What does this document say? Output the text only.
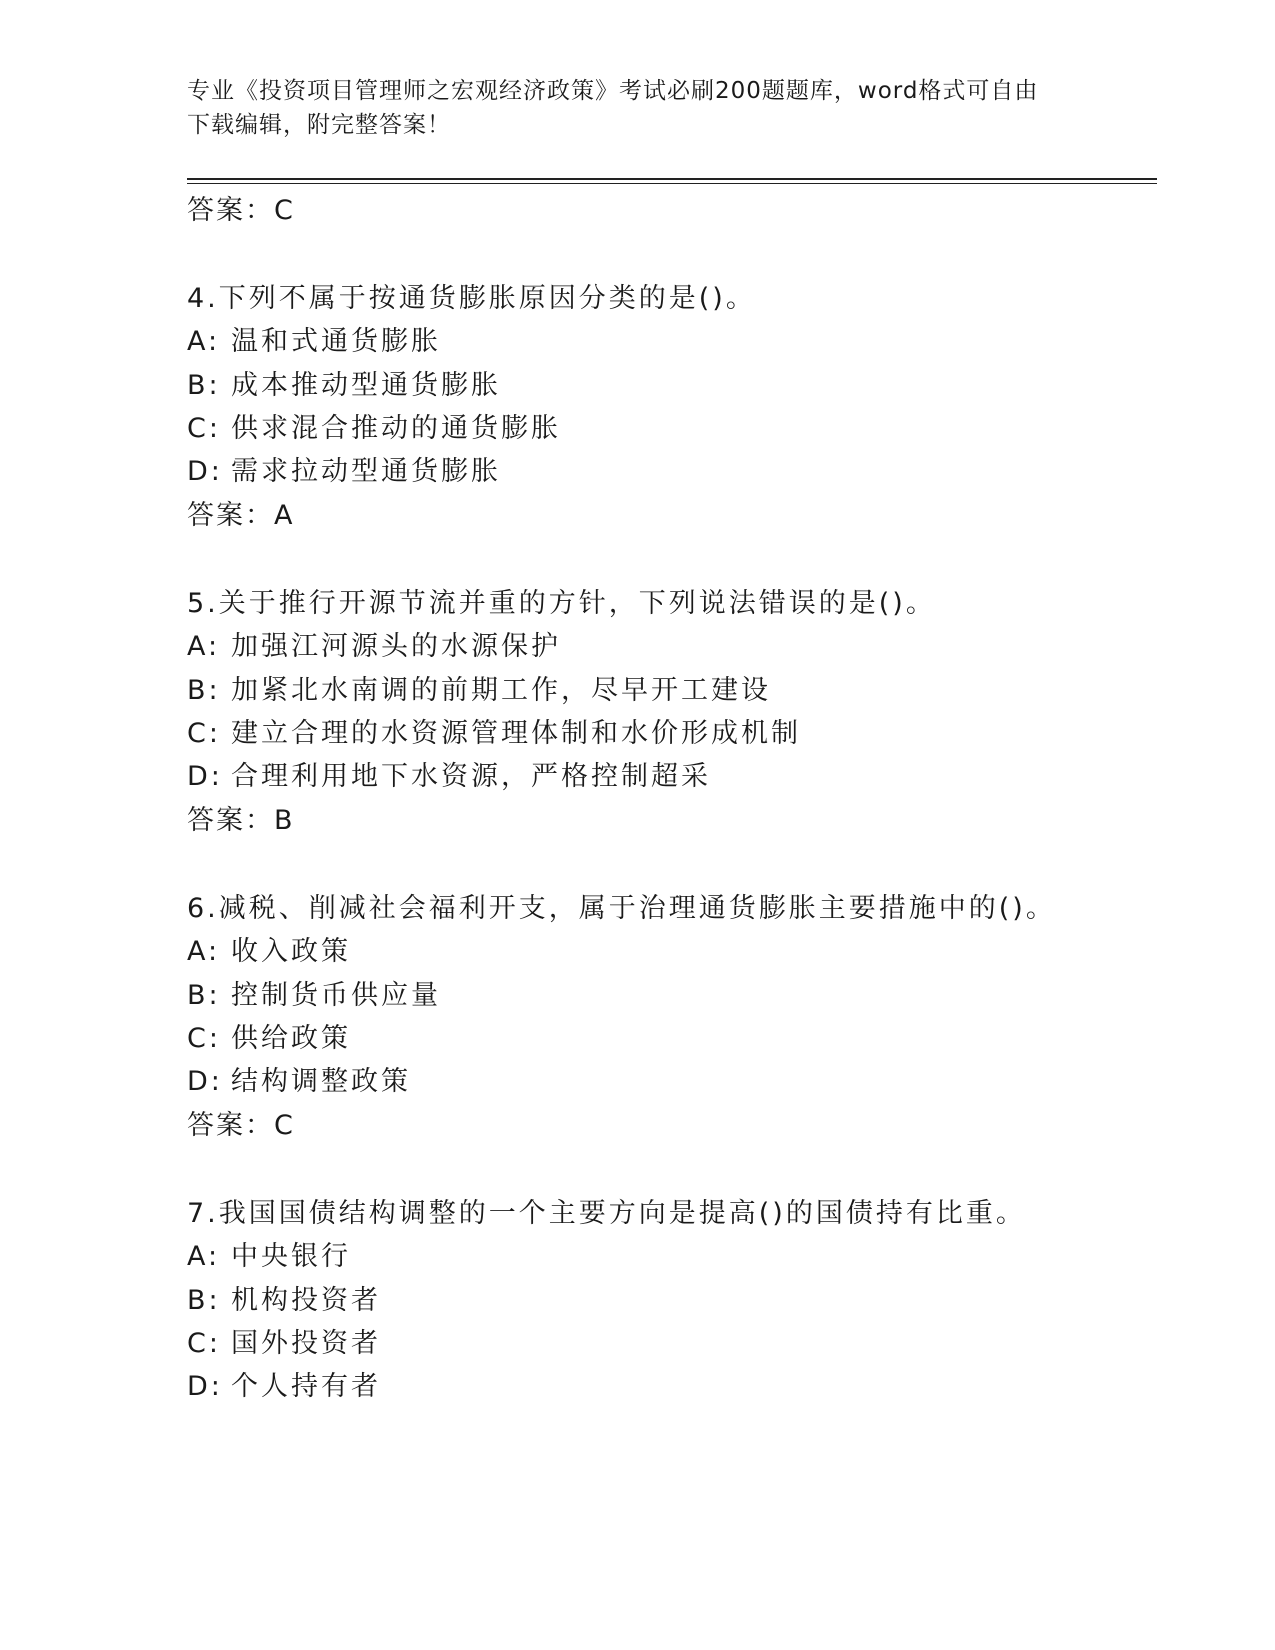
专业《投资项目管理师之宏观经济政策》考试必刷200题题库，word格式可自由
下载编辑，附完整答案！
答案：C
4.下列不属于按通货膨胀原因分类的是()。
A: 温和式通货膨胀
B: 成本推动型通货膨胀
C: 供求混合推动的通货膨胀
D: 需求拉动型通货膨胀
答案：A
5.关于推行开源节流并重的方针，下列说法错误的是()。
A: 加强江河源头的水源保护
B: 加紧北水南调的前期工作，尽早开工建设
C: 建立合理的水资源管理体制和水价形成机制
D: 合理利用地下水资源，严格控制超采
答案：B
6.减税、削减社会福利开支，属于治理通货膨胀主要措施中的()。
A: 收入政策
B: 控制货币供应量
C: 供给政策
D: 结构调整政策
答案：C
7.我国国债结构调整的一个主要方向是提高()的国债持有比重。
A: 中央银行
B: 机构投资者
C: 国外投资者
D: 个人持有者
